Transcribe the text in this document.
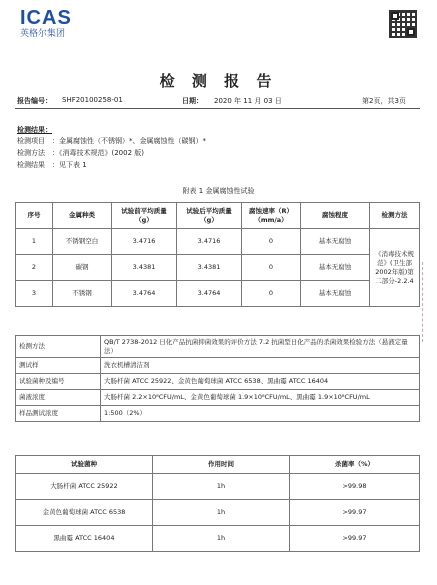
ICAS
英格尔集团
检 测 报 告
报告编号： SHF20100258-01	日期： 2020 年 11 月 03 日	第2页，共3页
检测结果：
检测项目 ：金属腐蚀性（不锈钢）*、金属腐蚀性（碳钢）*
检测方法 ：《消毒技术规范》(2002 版)
检测结果 ：见下表 1
附表 1 金属腐蚀性试验
序号	金属种类	试验前平均质量（g）	试验后平均质量（g）	腐蚀速率（R）（mm/a）	腐蚀程度	检测方法
1	不锈钢空白	3.4716	3.4716	0	基本无腐蚀	《消毒技术规范》(卫生部2002年版)第二部分-2.2.4
2	碳钢	3.4381	3.4381	0	基本无腐蚀	
3	不锈钢	3.4764	3.4764	0	基本无腐蚀	
检测方法	QB/T 2738-2012 日化产品抗菌抑菌效果的评价方法 7.2 抗菌型日化产品的杀菌效果检验方法（悬液定量法）
测试样	洗衣机槽清洁剂
试验菌种及编号	大肠杆菌 ATCC 25922、金黄色葡萄球菌 ATCC 6538、黑曲霉 ATCC 16404
菌液浓度	大肠杆菌 2.2×10⁸CFU/mL、金黄色葡萄球菌 1.9×10⁸CFU/mL、黑曲霉 1.9×10⁸CFU/mL
样品测试浓度	1:500（2%）
试验菌种	作用时间	杀菌率（%）
大肠杆菌 ATCC 25922	1h	>99.98
金黄色葡萄球菌 ATCC 6538	1h	>99.97
黑曲霉 ATCC 16404	1h	>99.97
